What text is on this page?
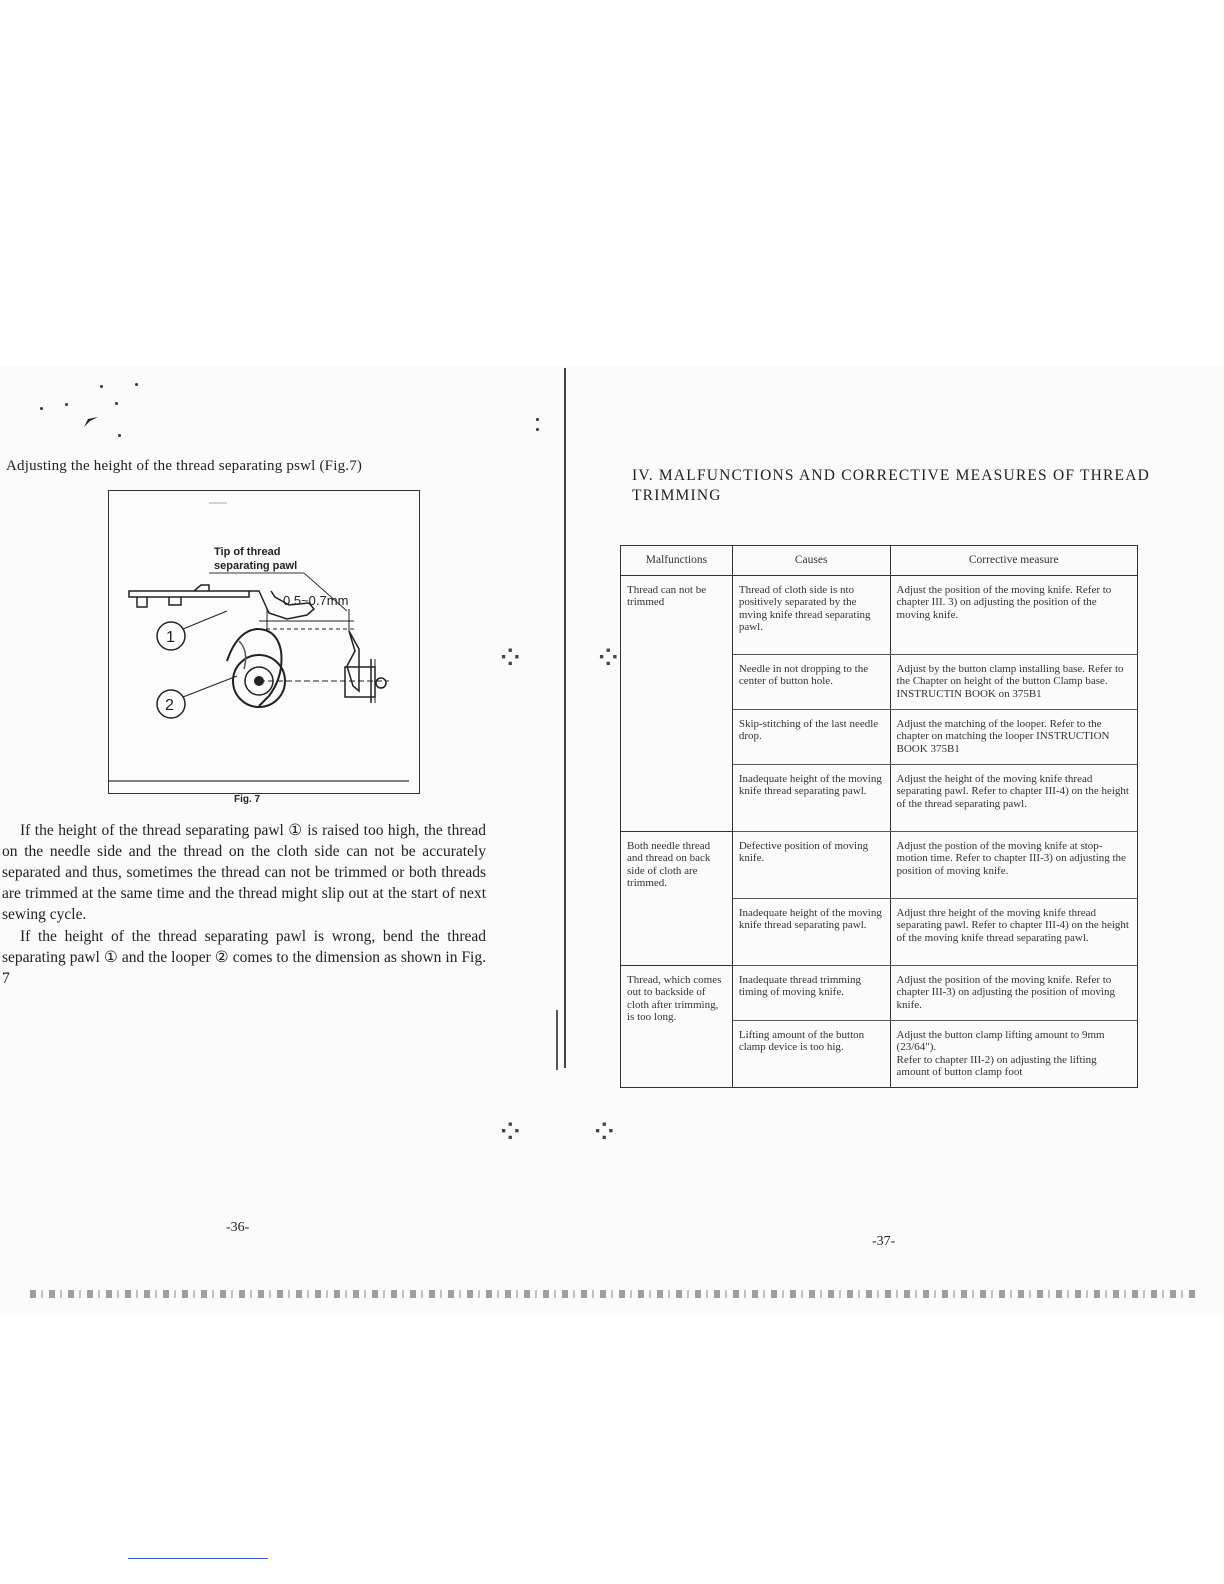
⁘ ⁘
⁘ ⁘
Adjusting the height of the thread separating pswl (Fig.7)
Tip of thread
separating pawl
0.5~0.7mm
1
2
Fig. 7

If the height of the thread separating pawl ① is raised too high, the thread on the needle side and the thread on the cloth side can not be accurately separated and thus, sometimes the thread can not be trimmed or both threads are trimmed at the same time and the thread might slip out at the start of next sewing cycle.

If the height of the thread separating pawl is wrong, bend the thread separating pawl ① and the looper ② comes to the dimension as shown in Fig. 7

-36-

IV. MALFUNCTIONS AND CORRECTIVE MEASURES OF THREAD TRIMMING

Malfunctions	Causes	Corrective measure
Thread can not be trimmed	Thread of cloth side is nto positively separated by the mving knife thread separating pawl.	Adjust the position of the moving knife. Refer to chapter III. 3) on adjusting the position of the moving knife.
	Needle in not dropping to the center of button hole.	Adjust by the button clamp installing base. Refer to the Chapter on height of the button Clamp base. INSTRUCTIN BOOK on 375B1
	Skip-stitching of the last needle drop.	Adjust the matching of the looper. Refer to the chapter on matching the looper INSTRUCTION BOOK 375B1
	Inadequate height of the moving knife thread separating pawl.	Adjust the height of the moving knife thread separating pawl. Refer to chapter III-4) on the height of the thread separating pawl.
Both needle thread and thread on back side of cloth are trimmed.	Defective position of moving knife.	Adjust the postion of the moving knife at stop-motion time. Refer to chapter III-3) on adjusting the position of moving knife.
	Inadequate height of the moving knife thread separating pawl.	Adjust thre height of the moving knife thread separating pawl. Refer to chapter III-4) on the height of the moving knife thread separating pawl.
Thread, which comes out to backside of cloth after trimming, is too long.	Inadequate thread trimming timing of moving knife.	Adjust the position of the moving knife. Refer to chapter III-3) on adjusting the position of moving knife.
	Lifting amount of the button clamp device is too hig.	Adjust the button clamp lifting amount to 9mm (23/64").
Refer to chapter III-2) on adjusting the lifting amount of button clamp foot
-37-
